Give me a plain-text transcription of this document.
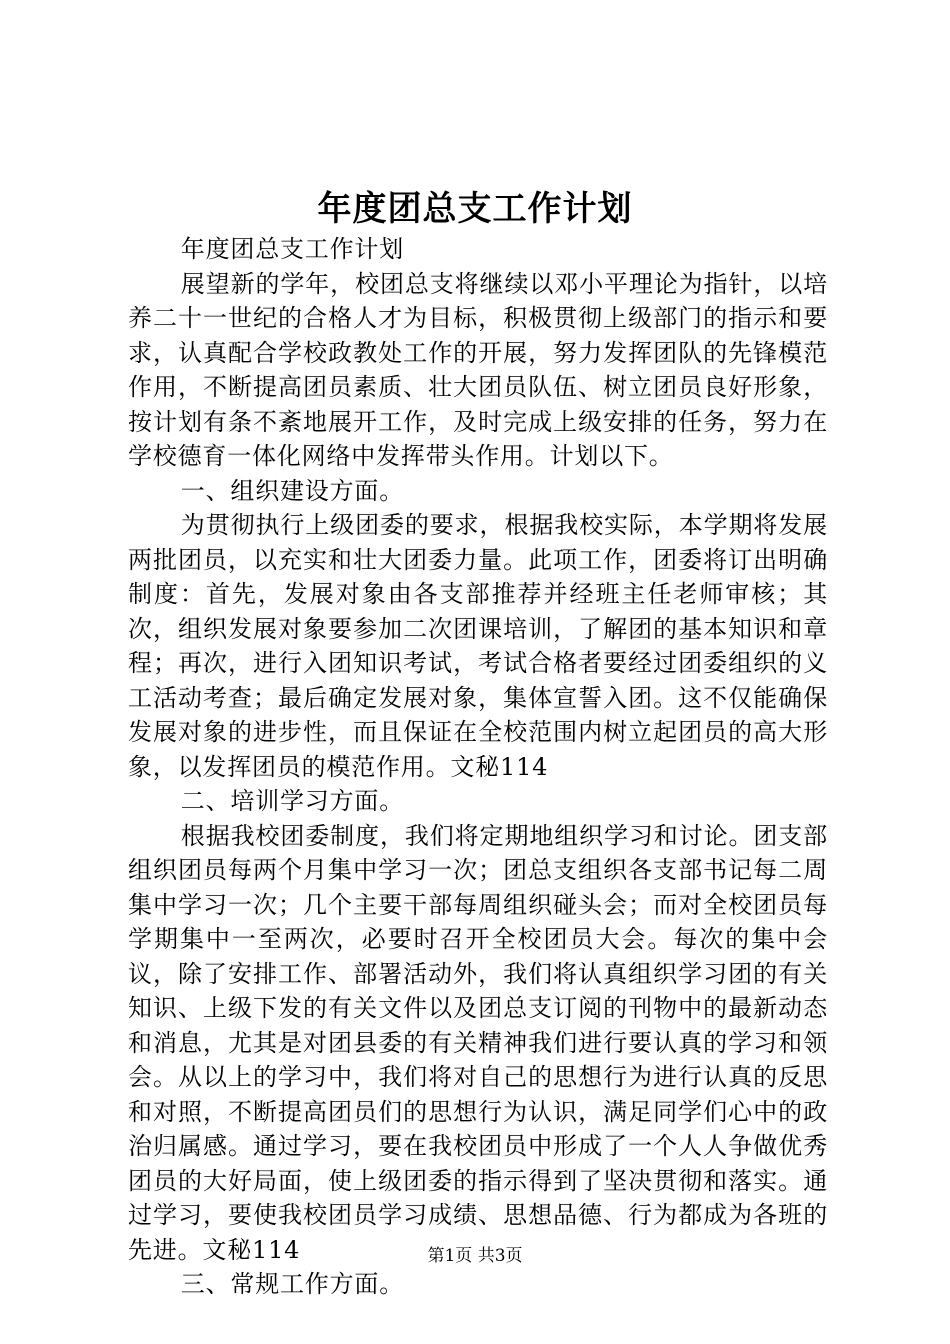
年度团总支工作计划

年度团总支工作计划

展望新的学年，校团总支将继续以邓小平理论为指针，以培养二十一世纪的合格人才为目标，积极贯彻上级部门的指示和要求，认真配合学校政教处工作的开展，努力发挥团队的先锋模范作用，不断提高团员素质、壮大团员队伍、树立团员良好形象，按计划有条不紊地展开工作，及时完成上级安排的任务，努力在学校德育一体化网络中发挥带头作用。计划以下。

一、组织建设方面。

为贯彻执行上级团委的要求，根据我校实际，本学期将发展两批团员，以充实和壮大团委力量。此项工作，团委将订出明确制度：首先，发展对象由各支部推荐并经班主任老师审核；其次，组织发展对象要参加二次团课培训，了解团的基本知识和章程；再次，进行入团知识考试，考试合格者要经过团委组织的义工活动考查；最后确定发展对象，集体宣誓入团。这不仅能确保发展对象的进步性，而且保证在全校范围内树立起团员的高大形象，以发挥团员的模范作用。文秘114

二、培训学习方面。

根据我校团委制度，我们将定期地组织学习和讨论。团支部组织团员每两个月集中学习一次；团总支组织各支部书记每二周集中学习一次；几个主要干部每周组织碰头会；而对全校团员每学期集中一至两次，必要时召开全校团员大会。每次的集中会议，除了安排工作、部署活动外，我们将认真组织学习团的有关知识、上级下发的有关文件以及团总支订阅的刊物中的最新动态和消息，尤其是对团县委的有关精神我们进行要认真的学习和领会。从以上的学习中，我们将对自己的思想行为进行认真的反思和对照，不断提高团员们的思想行为认识，满足同学们心中的政治归属感。通过学习，要在我校团员中形成了一个人人争做优秀团员的大好局面，使上级团委的指示得到了坚决贯彻和落实。通过学习，要使我校团员学习成绩、思想品德、行为都成为各班的先进。文秘114

三、常规工作方面。

第1页 共3页
